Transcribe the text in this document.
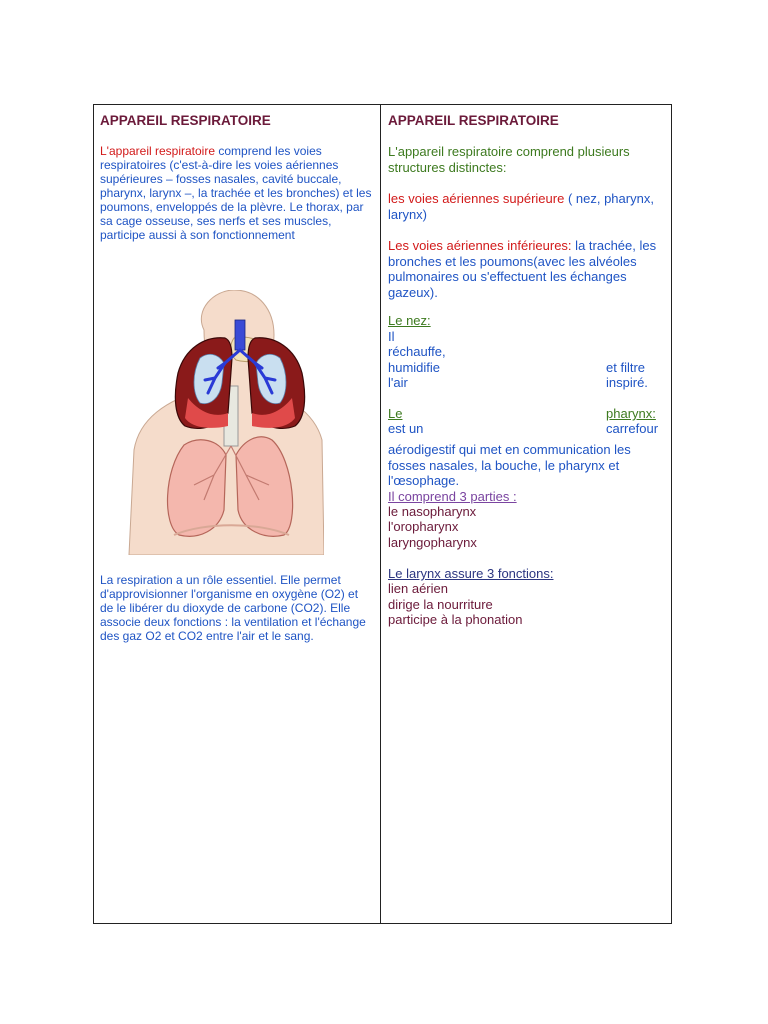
APPAREIL RESPIRATOIRE

L'appareil respiratoire comprend les voies respiratoires (c'est-à-dire les voies aériennes supérieures – fosses nasales, cavité buccale, pharynx, larynx –, la trachée et les bronches) et les poumons, enveloppés de la plèvre. Le thorax, par sa cage osseuse, ses nerfs et ses muscles, participe aussi à son fonctionnement

La respiration a un rôle essentiel. Elle permet d'approvisionner l'organisme en oxygène (O2) et de le libérer du dioxyde de carbone (CO2). Elle associe deux fonctions : la ventilation et l'échange des gaz O2 et CO2 entre l'air et le sang.

APPAREIL RESPIRATOIRE

L'appareil respiratoire comprend plusieurs structures distinctes:

les voies aériennes supérieure ( nez, pharynx, larynx)

Les voies aériennes inférieures: la trachée, les bronches et les poumons(avec les alvéoles pulmonaires ou s'effectuent les échanges gazeux).

Le nez:
Il
réchauffe,
humidifie
l'air
et filtre
inspiré.
Le	pharynx:
est un	carrefour

aérodigestif qui met en communication les fosses nasales, la bouche, le pharynx et l'œsophage.

Il comprend 3 parties :
le nasopharynx
l'oropharynx
laryngopharynx
Le larynx assure 3 fonctions:
lien aérien
dirige la nourriture
participe à la phonation
